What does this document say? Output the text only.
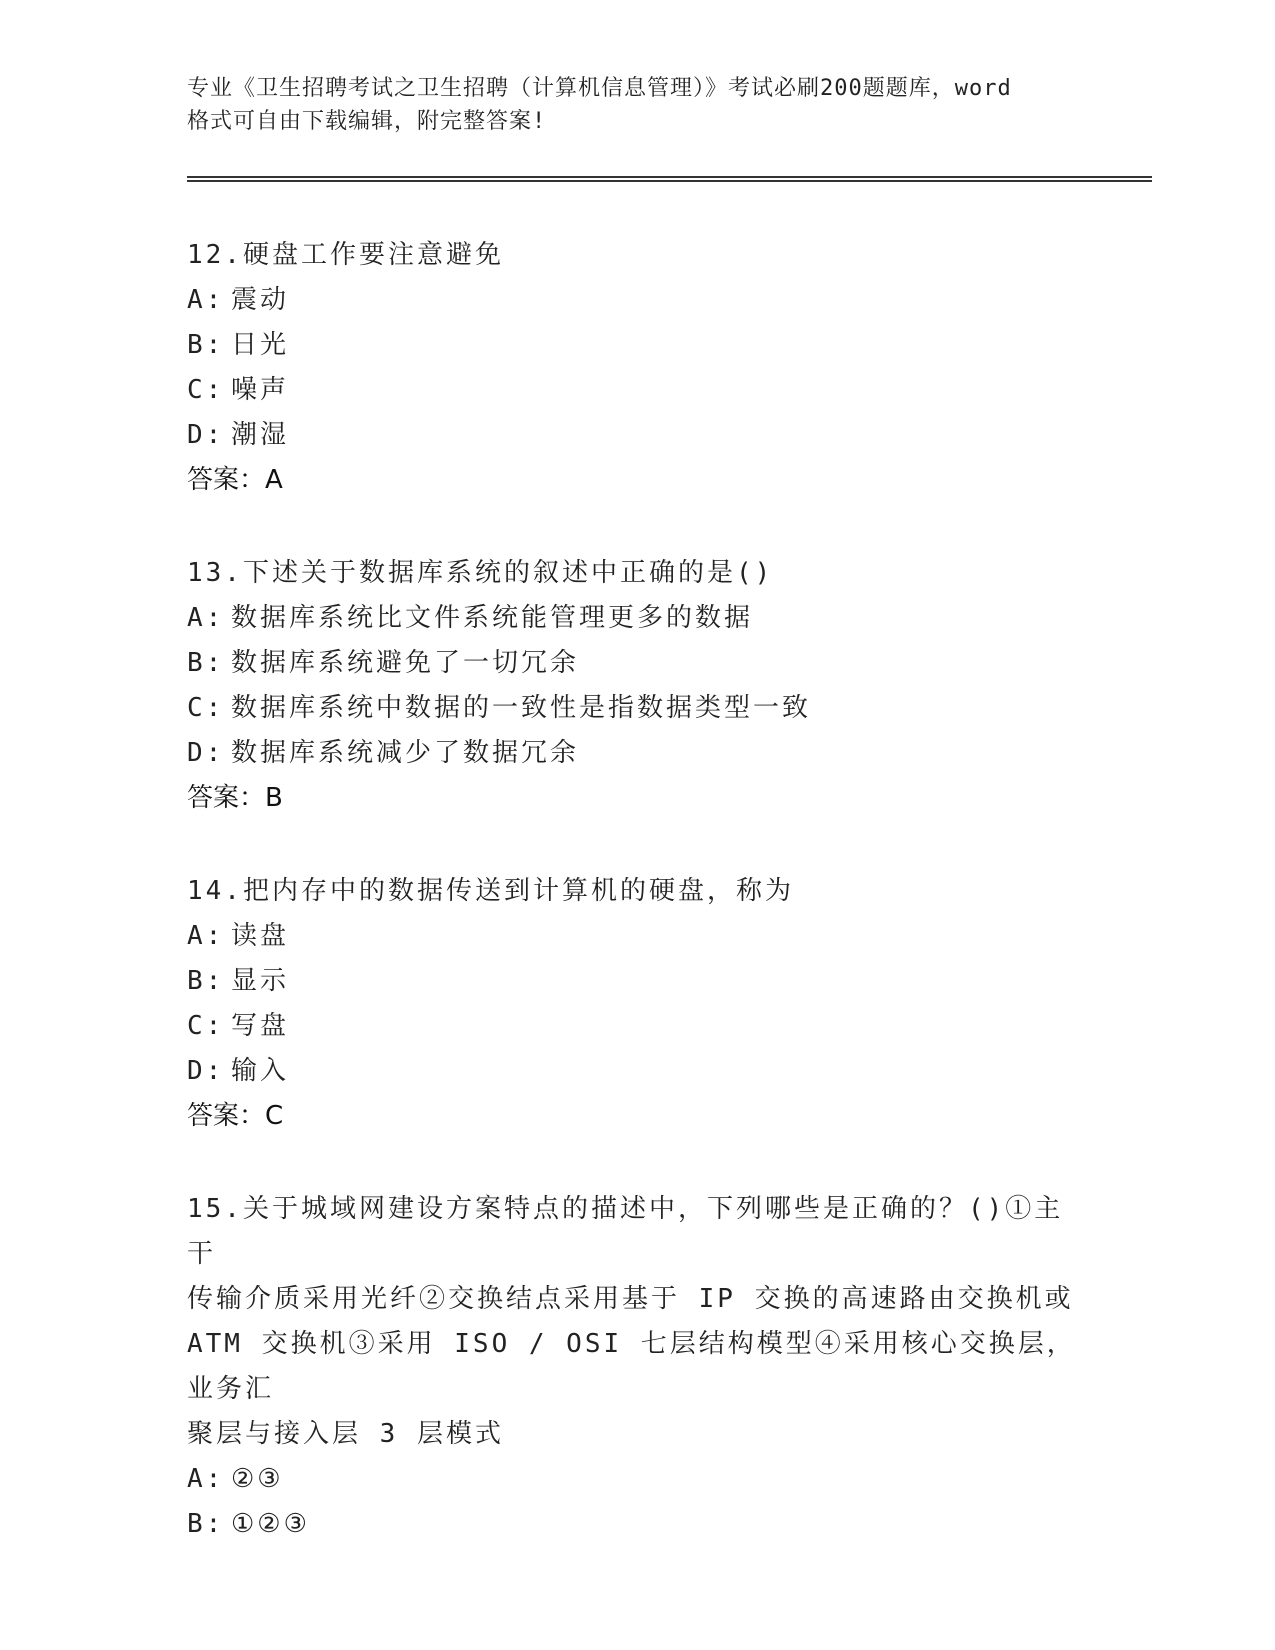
专业《卫生招聘考试之卫生招聘（计算机信息管理）》考试必刷200题题库，word
格式可自由下载编辑，附完整答案!

12.硬盘工作要注意避免

A: 震动

B: 日光

C: 噪声

D: 潮湿

答案：A

13.下述关于数据库系统的叙述中正确的是()

A: 数据库系统比文件系统能管理更多的数据

B: 数据库系统避免了一切冗余

C: 数据库系统中数据的一致性是指数据类型一致

D: 数据库系统减少了数据冗余

答案：B

14.把内存中的数据传送到计算机的硬盘，称为

A: 读盘

B: 显示

C: 写盘

D: 输入

答案：C

15.关于城域网建设方案特点的描述中，下列哪些是正确的？()①主干

传输介质采用光纤②交换结点采用基于 IP 交换的高速路由交换机或

ATM 交换机③采用 ISO / OSI 七层结构模型④采用核心交换层，业务汇

聚层与接入层 3 层模式

A: ②③

B: ①②③
